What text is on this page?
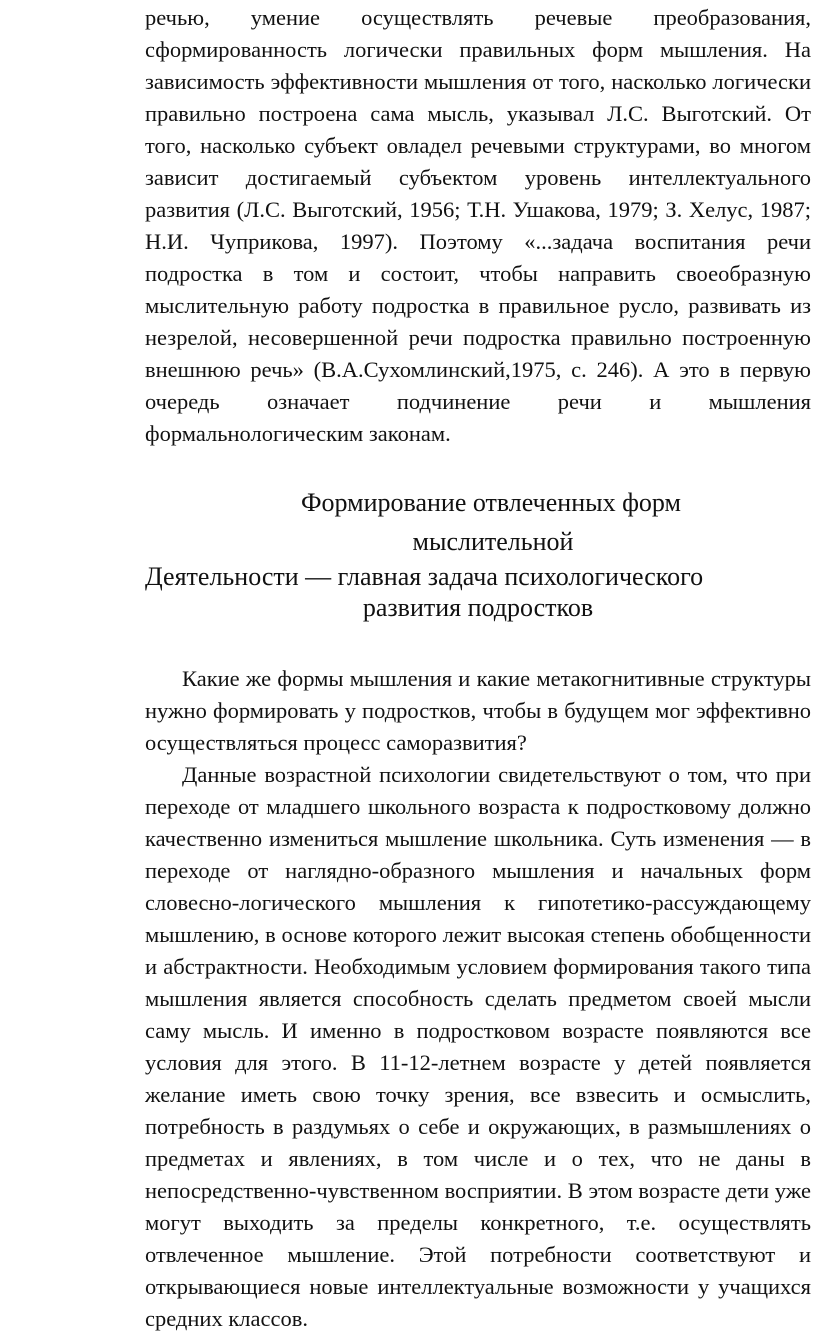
речью, умение осуществлять речевые преобразования, сформированность логически правильных форм мышления. На зависимость эффективности мышления от того, насколько логически правильно построена сама мысль, указывал Л.С. Выготский. От того, насколько субъект овладел речевыми структурами, во многом зависит достигаемый субъектом уровень интеллектуального развития (Л.С. Выготский, 1956; Т.Н. Ушакова, 1979; З. Хелус, 1987; Н.И. Чуприкова, 1997). Поэтому «...задача воспитания речи подростка в том и состоит, чтобы направить своеобразную мыслительную работу подростка в правильное русло, развивать из незрелой, несовершенной речи подростка правильно построенную внешнюю речь» (В.А.Сухомлинский,1975, с. 246). А это в первую очередь означает подчинение речи и мышления формальнологическим законам.

Формирование отвлеченных форм
мыслительной
Деятельности — главная задача психологического
развития подростков

Какие же формы мышления и какие метакогнитивные структуры нужно формировать у подростков, чтобы в будущем мог эффективно осуществляться процесс саморазвития?

Данные возрастной психологии свидетельствуют о том, что при переходе от младшего школьного возраста к подростковому должно качественно измениться мышление школьника. Суть изменения — в переходе от наглядно-образного мышления и начальных форм словесно-логического мышления к гипотетико-рассуждающему мышлению, в основе которого лежит высокая степень обобщенности и абстрактности. Необходимым условием формирования такого типа мышления является способность сделать предметом своей мысли саму мысль. И именно в подростковом возрасте появляются все условия для этого. В 11-12-летнем возрасте у детей появляется желание иметь свою точку зрения, все взвесить и осмыслить, потребность в раздумьях о себе и окружающих, в размышлениях о предметах и явлениях, в том числе и о тех, что не даны в непосредственно-чувственном восприятии. В этом возрасте дети уже могут выходить за пределы конкретного, т.е. осуществлять отвлеченное мышление. Этой потребности соответствуют и открывающиеся новые интеллектуальные возможности у учащихся средних классов.
